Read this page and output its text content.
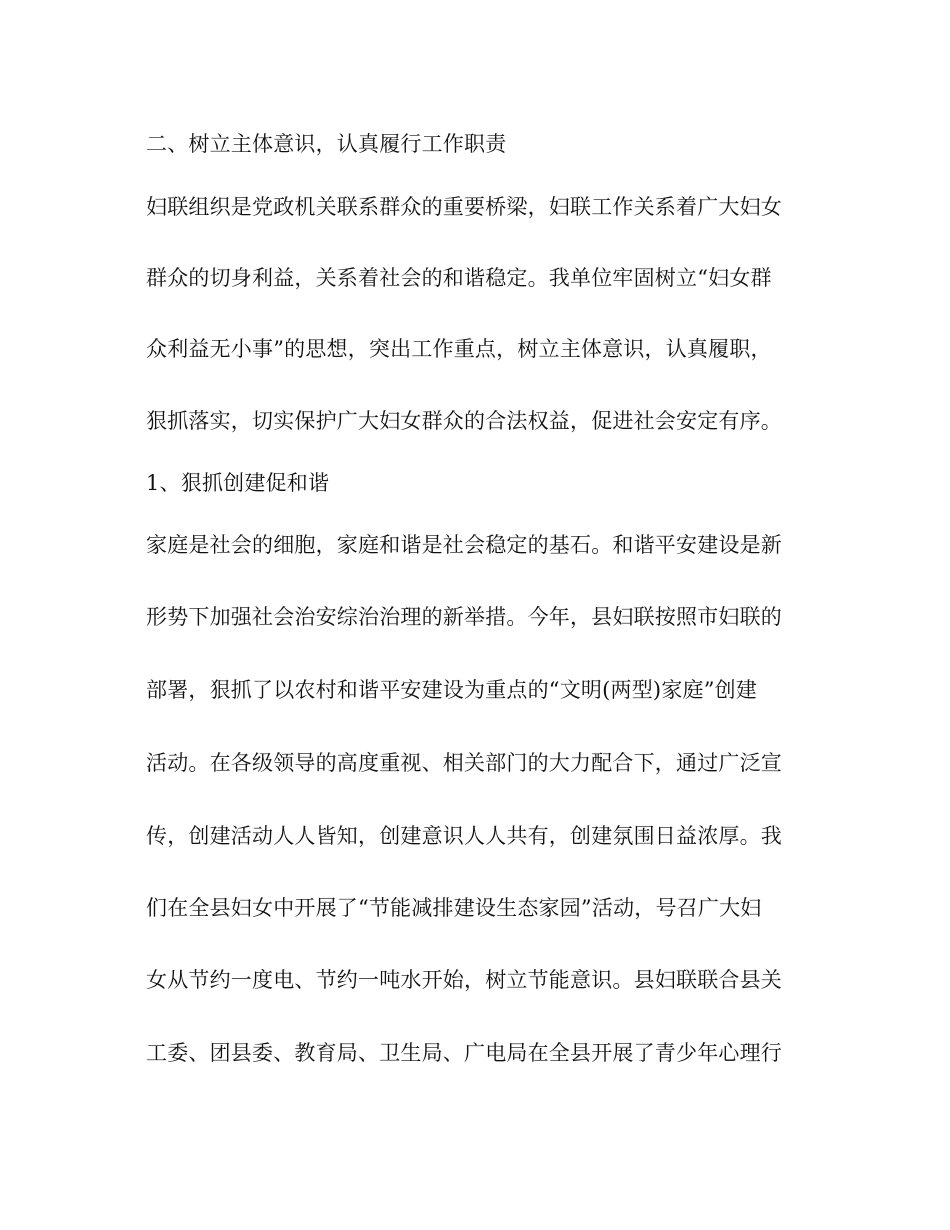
二、树立主体意识，认真履行工作职责
妇联组织是党政机关联系群众的重要桥梁，妇联工作关系着广大妇女
群众的切身利益，关系着社会的和谐稳定。我单位牢固树立“妇女群
众利益无小事”的思想，突出工作重点，树立主体意识，认真履职，
狠抓落实，切实保护广大妇女群众的合法权益，促进社会安定有序。
1、狠抓创建促和谐
家庭是社会的细胞，家庭和谐是社会稳定的基石。和谐平安建设是新
形势下加强社会治安综治治理的新举措。今年，县妇联按照市妇联的
部署，狠抓了以农村和谐平安建设为重点的“文明(两型)家庭”创建
活动。在各级领导的高度重视、相关部门的大力配合下，通过广泛宣
传，创建活动人人皆知，创建意识人人共有，创建氛围日益浓厚。我
们在全县妇女中开展了“节能减排建设生态家园”活动，号召广大妇
女从节约一度电、节约一吨水开始，树立节能意识。县妇联联合县关
工委、团县委、教育局、卫生局、广电局在全县开展了青少年心理行
